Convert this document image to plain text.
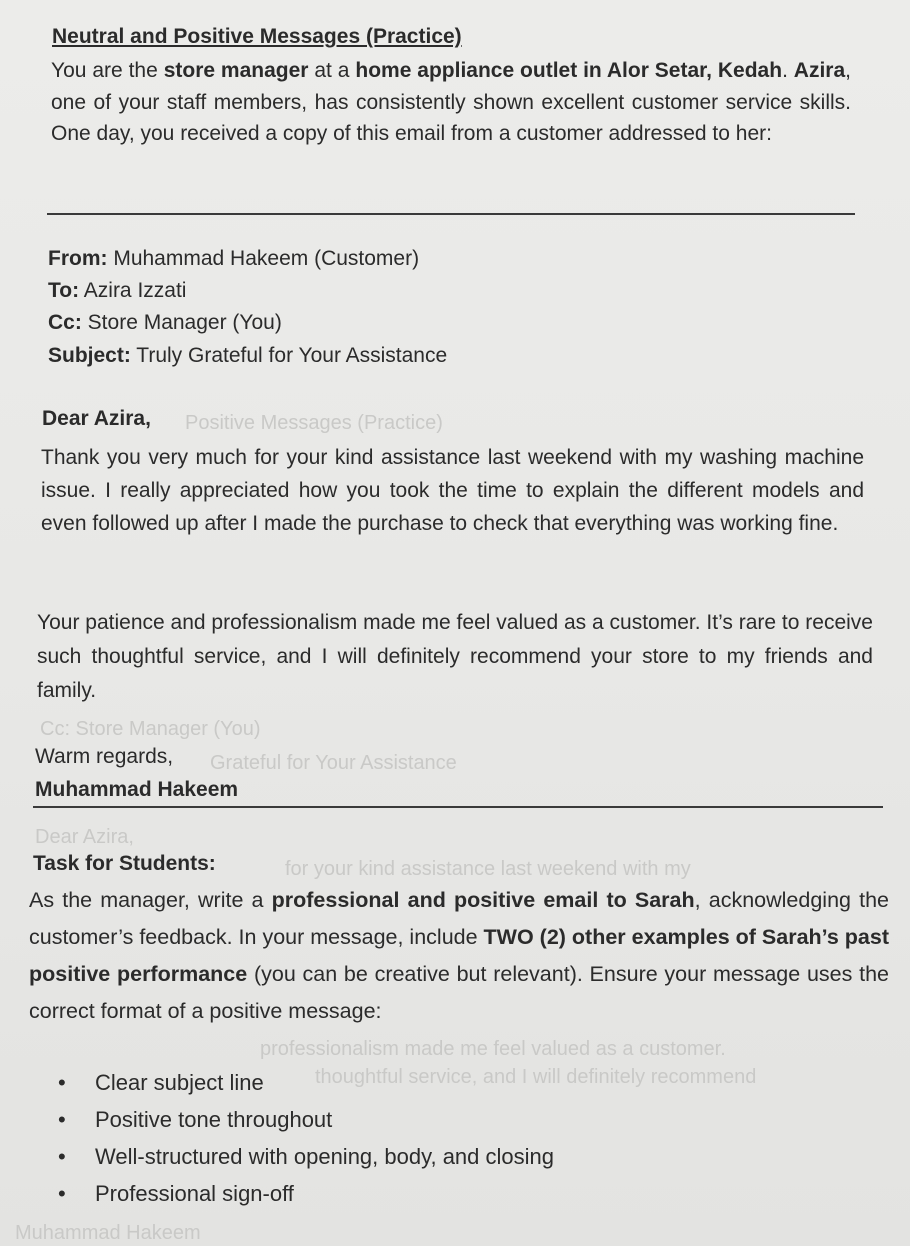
Positive Messages (Practice)
Cc: Store Manager (You)
Grateful for Your Assistance
Dear Azira,
for your kind assistance last weekend with my
professionalism made me feel valued as a customer.
thoughtful service, and I will definitely recommend
Muhammad Hakeem
Neutral and Positive Messages (Practice)
You are the store manager at a home appliance outlet in Alor Setar, Kedah. Azira, one of your staff members, has consistently shown excellent customer service skills. One day, you received a copy of this email from a customer addressed to her:
From: Muhammad Hakeem (Customer)
To: Azira Izzati
Cc: Store Manager (You)
Subject: Truly Grateful for Your Assistance
Dear Azira,
Thank you very much for your kind assistance last weekend with my washing machine issue. I really appreciated how you took the time to explain the different models and even followed up after I made the purchase to check that everything was working fine.
Your patience and professionalism made me feel valued as a customer. It’s rare to receive such thoughtful service, and I will definitely recommend your store to my friends and family.
Warm regards,
Muhammad Hakeem
Task for Students:
As the manager, write a professional and positive email to Sarah, acknowledging the customer’s feedback. In your message, include TWO (2) other examples of Sarah’s past positive performance (you can be creative but relevant). Ensure your message uses the correct format of a positive message:
• Clear subject line
• Positive tone throughout
• Well-structured with opening, body, and closing
• Professional sign-off
